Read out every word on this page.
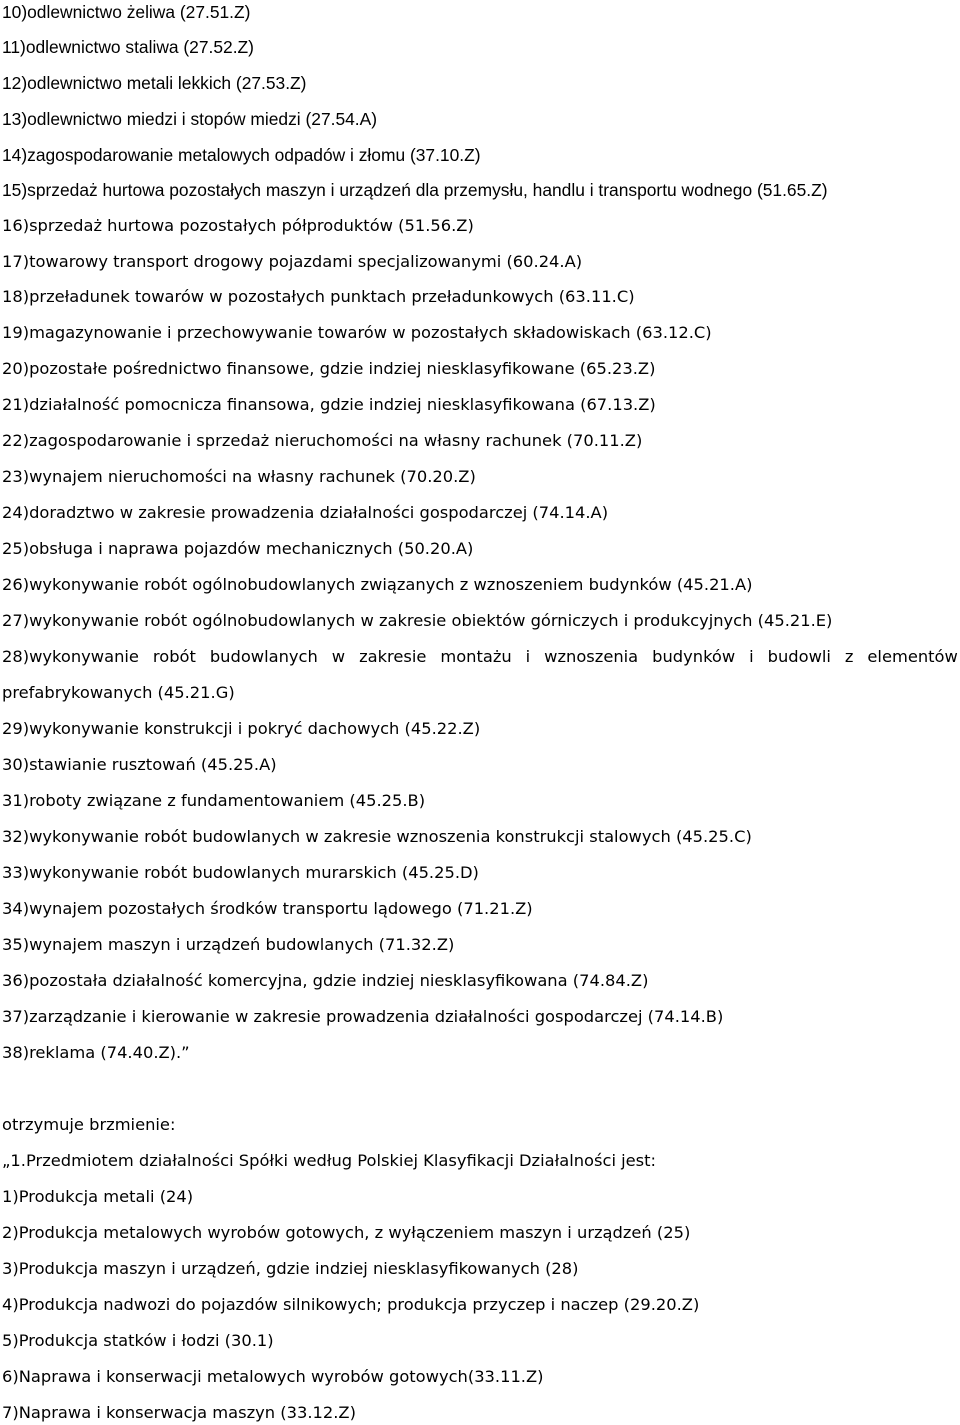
10)odlewnictwo żeliwa (27.51.Z)
11)odlewnictwo staliwa (27.52.Z)
12)odlewnictwo metali lekkich (27.53.Z)
13)odlewnictwo miedzi i stopów miedzi (27.54.A)
14)zagospodarowanie metalowych odpadów i złomu (37.10.Z)
15)sprzedaż hurtowa pozostałych maszyn i urządzeń dla przemysłu, handlu i transportu wodnego (51.65.Z)
16)sprzedaż hurtowa pozostałych półproduktów (51.56.Z)
17)towarowy transport drogowy pojazdami specjalizowanymi (60.24.A)
18)przeładunek towarów w pozostałych punktach przeładunkowych (63.11.C)
19)magazynowanie i przechowywanie towarów w pozostałych składowiskach (63.12.C)
20)pozostałe pośrednictwo finansowe, gdzie indziej niesklasyfikowane (65.23.Z)
21)działalność pomocnicza finansowa, gdzie indziej niesklasyfikowana (67.13.Z)
22)zagospodarowanie i sprzedaż nieruchomości na własny rachunek (70.11.Z)
23)wynajem nieruchomości na własny rachunek (70.20.Z)
24)doradztwo w zakresie prowadzenia działalności gospodarczej (74.14.A)
25)obsługa i naprawa pojazdów mechanicznych (50.20.A)
26)wykonywanie robót ogólnobudowlanych związanych z wznoszeniem budynków (45.21.A)
27)wykonywanie robót ogólnobudowlanych w zakresie obiektów górniczych i produkcyjnych (45.21.E)
28)wykonywanie robót budowlanych w zakresie montażu i wznoszenia budynków i budowli z elementów
prefabrykowanych (45.21.G)
29)wykonywanie konstrukcji i pokryć dachowych (45.22.Z)
30)stawianie rusztowań (45.25.A)
31)roboty związane z fundamentowaniem (45.25.B)
32)wykonywanie robót budowlanych w zakresie wznoszenia konstrukcji stalowych (45.25.C)
33)wykonywanie robót budowlanych murarskich (45.25.D)
34)wynajem pozostałych środków transportu lądowego (71.21.Z)
35)wynajem maszyn i urządzeń budowlanych (71.32.Z)
36)pozostała działalność komercyjna, gdzie indziej niesklasyfikowana (74.84.Z)
37)zarządzanie i kierowanie w zakresie prowadzenia działalności gospodarczej (74.14.B)
38)reklama (74.40.Z).”
otrzymuje brzmienie:
„1.Przedmiotem działalności Spółki według Polskiej Klasyfikacji Działalności jest:
1)Produkcja metali (24)
2)Produkcja metalowych wyrobów gotowych, z wyłączeniem maszyn i urządzeń (25)
3)Produkcja maszyn i urządzeń, gdzie indziej niesklasyfikowanych (28)
4)Produkcja nadwozi do pojazdów silnikowych; produkcja przyczep i naczep (29.20.Z)
5)Produkcja statków i łodzi (30.1)
6)Naprawa i konserwacji metalowych wyrobów gotowych(33.11.Z)
7)Naprawa i konserwacja maszyn (33.12.Z)
